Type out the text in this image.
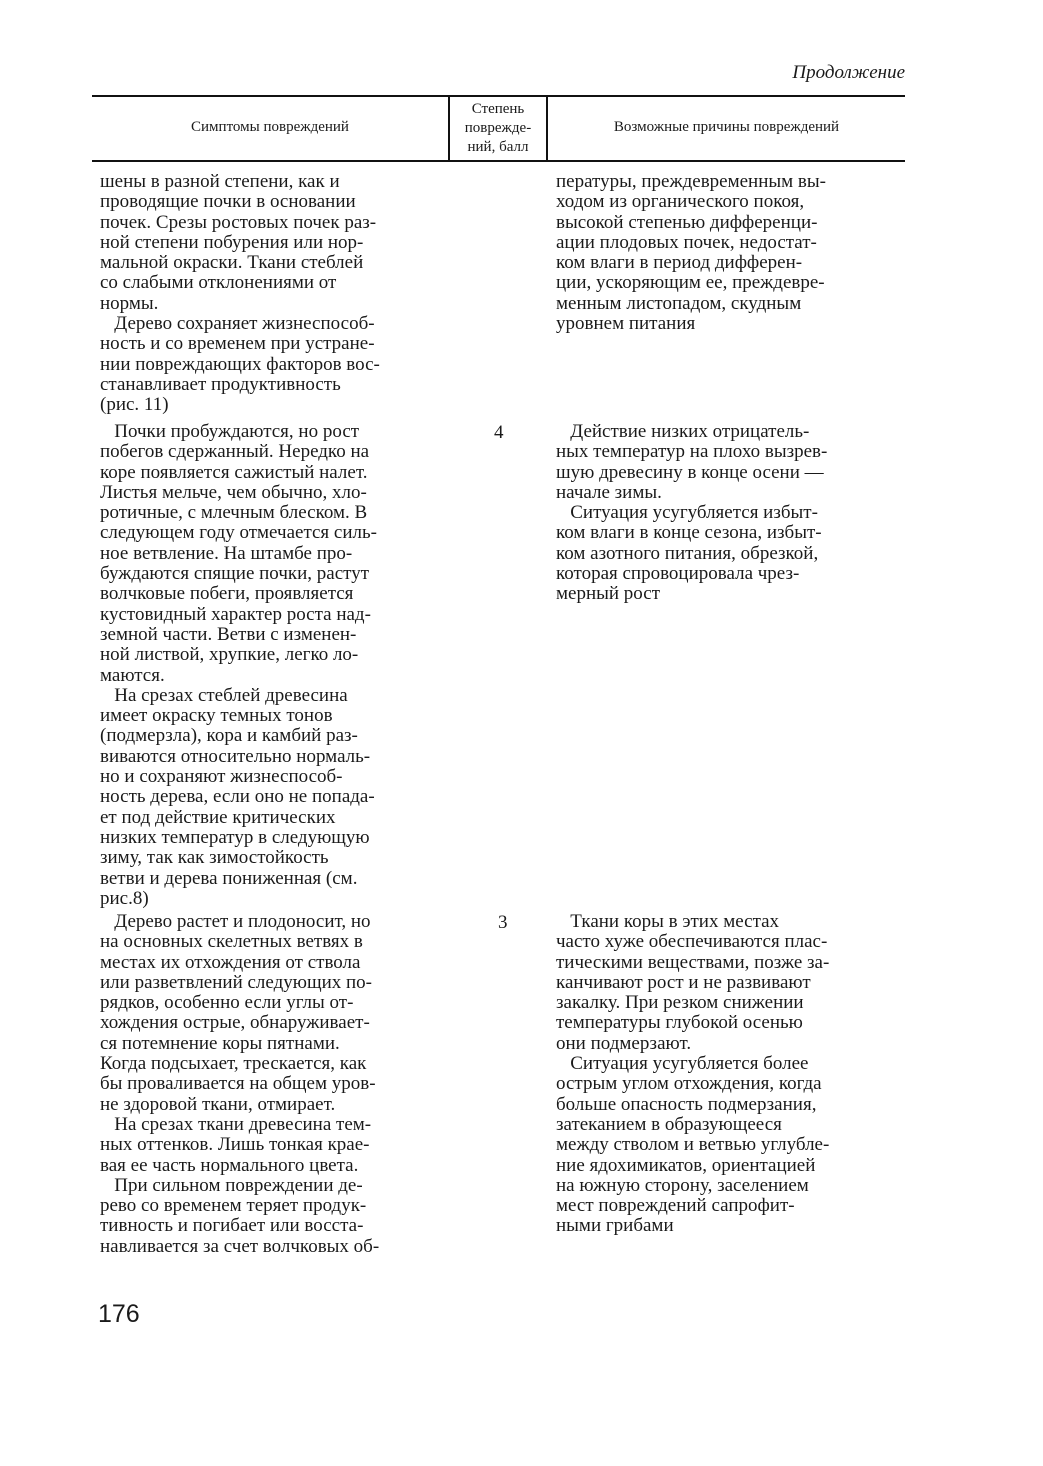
Продолжение
Симптомы повреждений
Степень
поврежде-
ний, балл
Возможные причины повреждений

шены в разной степени, как и
проводящие почки в основании
почек. Срезы ростовых почек раз-
ной степени побурения или нор-
мальной окраски. Ткани стеблей
со слабыми отклонениями от
нормы.

Дерево сохраняет жизнеспособ-
ность и со временем при устране-
нии повреждающих факторов вос-
станавливает продуктивность
(рис. 11)

пературы, преждевременным вы-
ходом из органического покоя,
высокой степенью дифференци-
ации плодовых почек, недостат-
ком влаги в период дифферен-
ции, ускоряющим ее, преждевре-
менным листопадом, скудным
уровнем питания

4

Почки пробуждаются, но рост
побегов сдержанный. Нередко на
коре появляется сажистый налет.
Листья мельче, чем обычно, хло-
ротичные, с млечным блеском. В
следующем году отмечается силь-
ное ветвление. На штамбе про-
буждаются спящие почки, растут
волчковые побеги, проявляется
кустовидный характер роста над-
земной части. Ветви с изменен-
ной листвой, хрупкие, легко ло-
маются.

На срезах стеблей древесина
имеет окраску темных тонов
(подмерзла), кора и камбий раз-
виваются относительно нормаль-
но и сохраняют жизнеспособ-
ность дерева, если оно не попада-
ет под действие критических
низких температур в следующую
зиму, так как зимостойкость
ветви и дерева пониженная (см.
рис.8)

Действие низких отрицатель-
ных температур на плохо вызрев-
шую древесину в конце осени —
начале зимы.

Ситуация усугубляется избыт-
ком влаги в конце сезона, избыт-
ком азотного питания, обрезкой,
которая спровоцировала чрез-
мерный рост

3

Дерево растет и плодоносит, но
на основных скелетных ветвях в
местах их отхождения от ствола
или разветвлений следующих по-
рядков, особенно если углы от-
хождения острые, обнаруживает-
ся потемнение коры пятнами.
Когда подсыхает, трескается, как
бы проваливается на общем уров-
не здоровой ткани, отмирает.

На срезах ткани древесина тем-
ных оттенков. Лишь тонкая крае-
вая ее часть нормального цвета.

При сильном повреждении де-
рево со временем теряет продук-
тивность и погибает или восста-
навливается за счет волчковых об-

Ткани коры в этих местах
часто хуже обеспечиваются плас-
тическими веществами, позже за-
канчивают рост и не развивают
закалку. При резком снижении
температуры глубокой осенью
они подмерзают.

Ситуация усугубляется более
острым углом отхождения, когда
больше опасность подмерзания,
затеканием в образующееся
между стволом и ветвью углубле-
ние ядохимикатов, ориентацией
на южную сторону, заселением
мест повреждений сапрофит-
ными грибами

176
